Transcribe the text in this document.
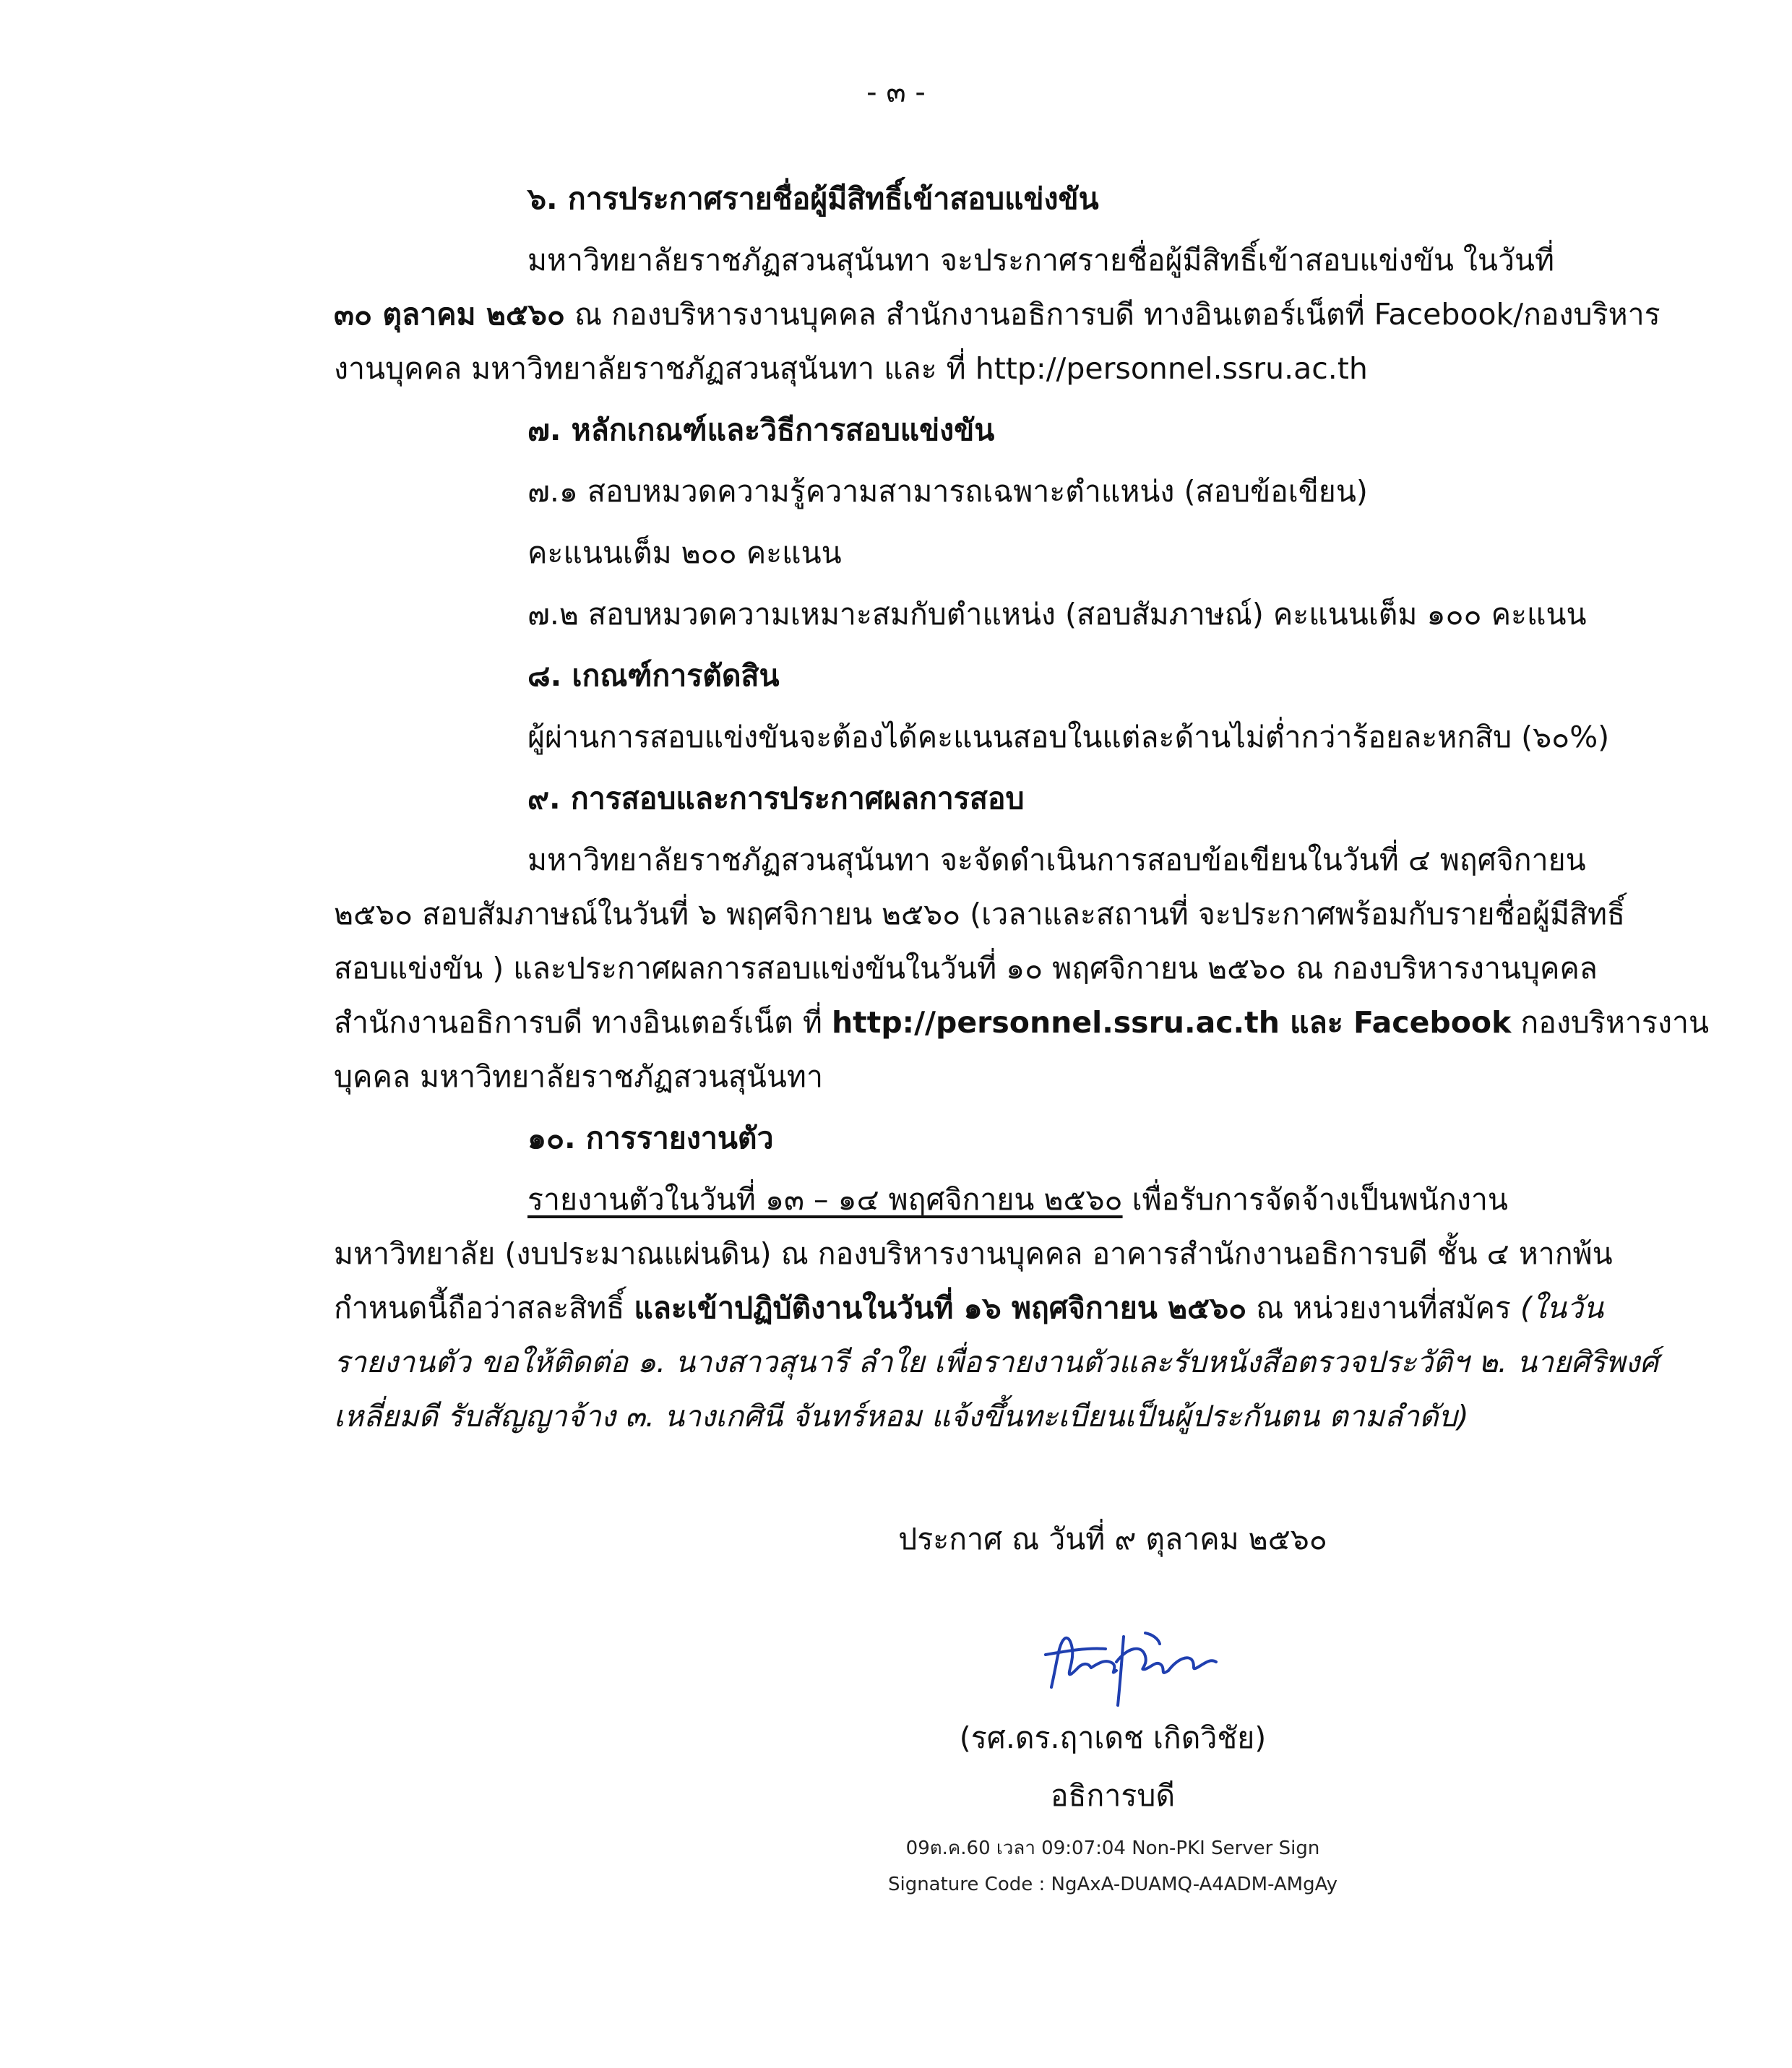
- ๓ -
๖. การประกาศรายชื่อผู้มีสิทธิ์เข้าสอบแข่งขัน
มหาวิทยาลัยราชภัฏสวนสุนันทา จะประกาศรายชื่อผู้มีสิทธิ์เข้าสอบแข่งขัน ในวันที่
๓๐ ตุลาคม ๒๕๖๐ ณ กองบริหารงานบุคคล สำนักงานอธิการบดี ทางอินเตอร์เน็ตที่ Facebook/กองบริหาร
งานบุคคล มหาวิทยาลัยราชภัฏสวนสุนันทา และ ที่ http://personnel.ssru.ac.th
๗. หลักเกณฑ์และวิธีการสอบแข่งขัน
๗.๑ สอบหมวดความรู้ความสามารถเฉพาะตำแหน่ง (สอบข้อเขียน)
คะแนนเต็ม ๒๐๐ คะแนน
๗.๒ สอบหมวดความเหมาะสมกับตำแหน่ง (สอบสัมภาษณ์) คะแนนเต็ม ๑๐๐ คะแนน
๘. เกณฑ์การตัดสิน
ผู้ผ่านการสอบแข่งขันจะต้องได้คะแนนสอบในแต่ละด้านไม่ต่ำกว่าร้อยละหกสิบ (๖๐%)
๙. การสอบและการประกาศผลการสอบ
มหาวิทยาลัยราชภัฏสวนสุนันทา จะจัดดำเนินการสอบข้อเขียนในวันที่ ๔ พฤศจิกายน
๒๕๖๐ สอบสัมภาษณ์ในวันที่ ๖ พฤศจิกายน ๒๕๖๐ (เวลาและสถานที่ จะประกาศพร้อมกับรายชื่อผู้มีสิทธิ์
สอบแข่งขัน ) และประกาศผลการสอบแข่งขันในวันที่ ๑๐ พฤศจิกายน ๒๕๖๐ ณ กองบริหารงานบุคคล
สำนักงานอธิการบดี ทางอินเตอร์เน็ต ที่ http://personnel.ssru.ac.th และ Facebook กองบริหารงาน
บุคคล มหาวิทยาลัยราชภัฏสวนสุนันทา
๑๐. การรายงานตัว
รายงานตัวในวันที่ ๑๓ – ๑๔ พฤศจิกายน ๒๕๖๐ เพื่อรับการจัดจ้างเป็นพนักงาน
มหาวิทยาลัย (งบประมาณแผ่นดิน) ณ กองบริหารงานบุคคล อาคารสำนักงานอธิการบดี ชั้น ๔ หากพ้น
กำหนดนี้ถือว่าสละสิทธิ์ และเข้าปฏิบัติงานในวันที่ ๑๖ พฤศจิกายน ๒๕๖๐ ณ หน่วยงานที่สมัคร (ในวัน
รายงานตัว ขอให้ติดต่อ ๑. นางสาวสุนารี ลำใย เพื่อรายงานตัวและรับหนังสือตรวจประวัติฯ ๒. นายศิริพงศ์
เหลี่ยมดี รับสัญญาจ้าง ๓. นางเกศินี จันทร์หอม แจ้งขึ้นทะเบียนเป็นผู้ประกันตน ตามลำดับ)
ประกาศ ณ วันที่ ๙ ตุลาคม ๒๕๖๐
(รศ.ดร.ฤาเดช เกิดวิชัย)
อธิการบดี
09ต.ค.60 เวลา 09:07:04 Non-PKI Server Sign
Signature Code : NgAxA-DUAMQ-A4ADM-AMgAy
